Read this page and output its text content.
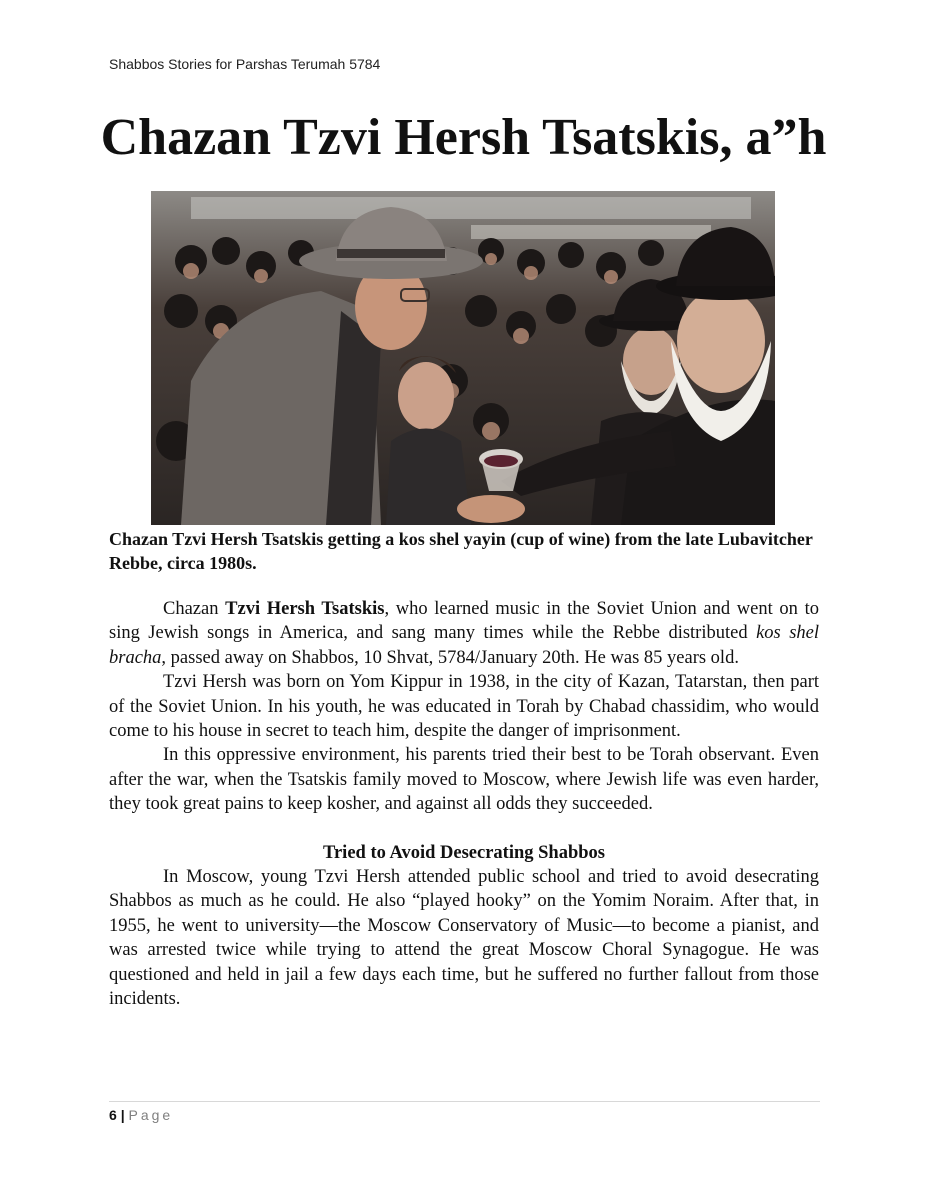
Shabbos Stories for Parshas Terumah 5784
Chazan Tzvi Hersh Tsatskis, a”h

Chazan Tzvi Hersh Tsatskis getting a kos shel yayin (cup of wine) from the late Lubavitcher Rebbe, circa 1980s.

Chazan Tzvi Hersh Tsatskis, who learned music in the Soviet Union and went on to sing Jewish songs in America, and sang many times while the Rebbe distributed kos shel bracha, passed away on Shabbos, 10 Shvat, 5784/January 20th. He was 85 years old.

Tzvi Hersh was born on Yom Kippur in 1938, in the city of Kazan, Tatarstan, then part of the Soviet Union. In his youth, he was educated in Torah by Chabad chassidim, who would come to his house in secret to teach him, despite the danger of imprisonment.

In this oppressive environment, his parents tried their best to be Torah observant. Even after the war, when the Tsatskis family moved to Moscow, where Jewish life was even harder, they took great pains to keep kosher, and against all odds they succeeded.

Tried to Avoid Desecrating Shabbos

In Moscow, young Tzvi Hersh attended public school and tried to avoid desecrating Shabbos as much as he could. He also “played hooky” on the Yomim Noraim. After that, in 1955, he went to university—the Moscow Conservatory of Music—to become a pianist, and was arrested twice while trying to attend the great Moscow Choral Synagogue. He was questioned and held in jail a few days each time, but he suffered no further fallout from those incidents.

6 | Page
